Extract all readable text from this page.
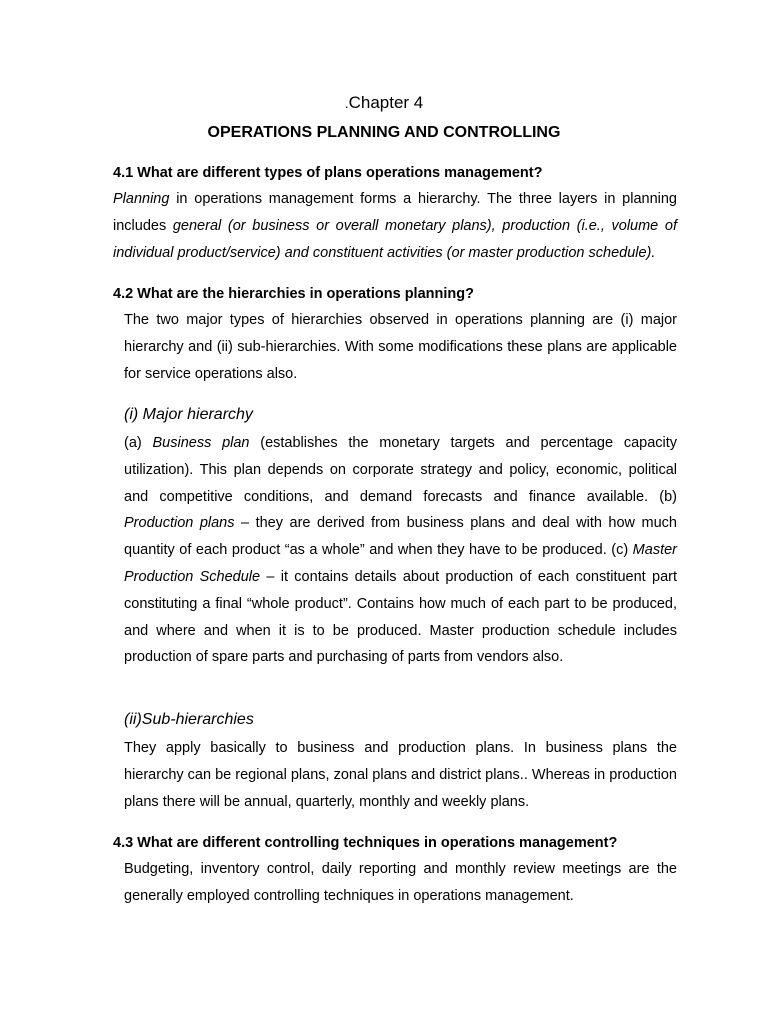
.Chapter 4
OPERATIONS PLANNING AND CONTROLLING
4.1 What are different types of plans operations management?

Planning in operations management forms a hierarchy. The three layers in planning includes general (or business or overall monetary plans), production (i.e., volume of individual product/service) and constituent activities (or master production schedule).

4.2 What are the hierarchies in operations planning?

The two major types of hierarchies observed in operations planning are (i) major hierarchy and (ii) sub-hierarchies. With some modifications these plans are applicable for service operations also.

(i) Major hierarchy

(a) Business plan (establishes the monetary targets and percentage capacity utilization). This plan depends on corporate strategy and policy, economic, political and competitive conditions, and demand forecasts and finance available. (b) Production plans – they are derived from business plans and deal with how much quantity of each product “as a whole” and when they have to be produced. (c) Master Production Schedule – it contains details about production of each constituent part constituting a final “whole product”. Contains how much of each part to be produced, and where and when it is to be produced. Master production schedule includes production of spare parts and purchasing of parts from vendors also.

(ii)Sub-hierarchies

They apply basically to business and production plans. In business plans the hierarchy can be regional plans, zonal plans and district plans.. Whereas in production plans there will be annual, quarterly, monthly and weekly plans.

4.3 What are different controlling techniques in operations management?

Budgeting, inventory control, daily reporting and monthly review meetings are the generally employed controlling techniques in operations management.
